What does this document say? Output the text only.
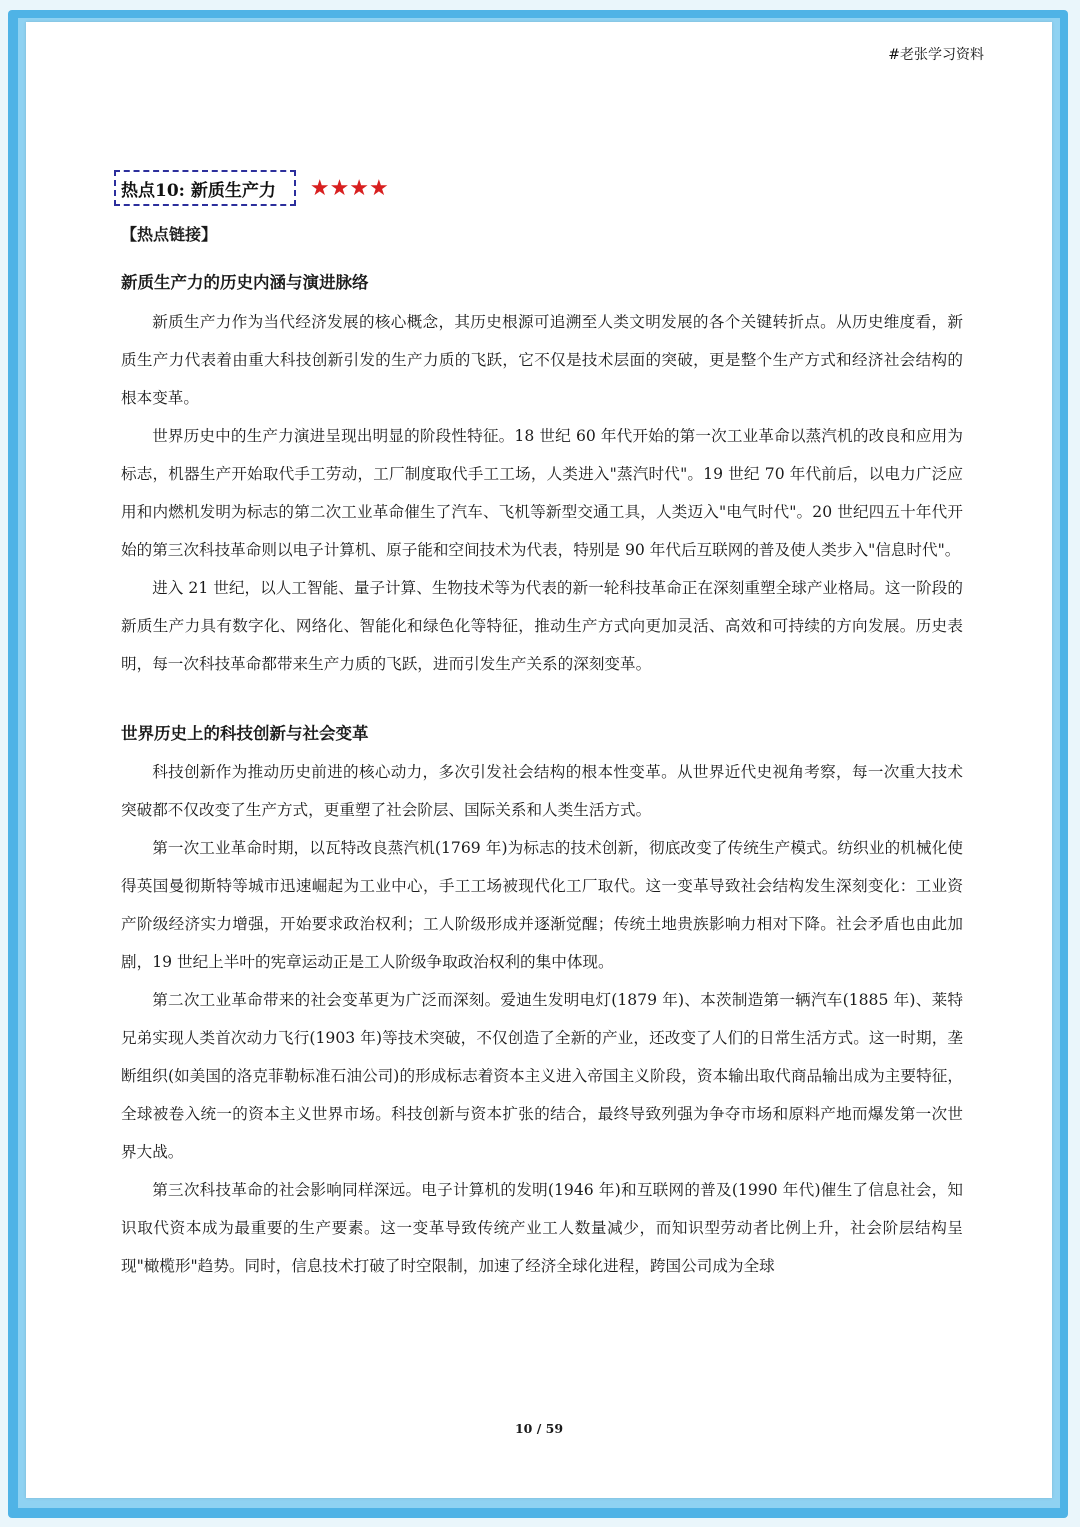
#老张学习资料
热点10: 新质生产力	★★★★
【热点链接】
新质生产力的历史内涵与演进脉络

新质生产力作为当代经济发展的核心概念，其历史根源可追溯至人类文明发展的各个关键转折点。从历史维度看，新质生产力代表着由重大科技创新引发的生产力质的飞跃，它不仅是技术层面的突破，更是整个生产方式和经济社会结构的根本变革。

世界历史中的生产力演进呈现出明显的阶段性特征。18 世纪 60 年代开始的第一次工业革命以蒸汽机的改良和应用为标志，机器生产开始取代手工劳动，工厂制度取代手工工场，人类进入"蒸汽时代"。19 世纪 70 年代前后，以电力广泛应用和内燃机发明为标志的第二次工业革命催生了汽车、飞机等新型交通工具，人类迈入"电气时代"。20 世纪四五十年代开始的第三次科技革命则以电子计算机、原子能和空间技术为代表，特别是 90 年代后互联网的普及使人类步入"信息时代"。

进入 21 世纪，以人工智能、量子计算、生物技术等为代表的新一轮科技革命正在深刻重塑全球产业格局。这一阶段的新质生产力具有数字化、网络化、智能化和绿色化等特征，推动生产方式向更加灵活、高效和可持续的方向发展。历史表明，每一次科技革命都带来生产力质的飞跃，进而引发生产关系的深刻变革。

世界历史上的科技创新与社会变革

科技创新作为推动历史前进的核心动力，多次引发社会结构的根本性变革。从世界近代史视角考察，每一次重大技术突破都不仅改变了生产方式，更重塑了社会阶层、国际关系和人类生活方式。

第一次工业革命时期，以瓦特改良蒸汽机(1769 年)为标志的技术创新，彻底改变了传统生产模式。纺织业的机械化使得英国曼彻斯特等城市迅速崛起为工业中心，手工工场被现代化工厂取代。这一变革导致社会结构发生深刻变化：工业资产阶级经济实力增强，开始要求政治权利；工人阶级形成并逐渐觉醒；传统土地贵族影响力相对下降。社会矛盾也由此加剧，19 世纪上半叶的宪章运动正是工人阶级争取政治权利的集中体现。

第二次工业革命带来的社会变革更为广泛而深刻。爱迪生发明电灯(1879 年)、本茨制造第一辆汽车(1885 年)、莱特兄弟实现人类首次动力飞行(1903 年)等技术突破，不仅创造了全新的产业，还改变了人们的日常生活方式。这一时期，垄断组织(如美国的洛克菲勒标准石油公司)的形成标志着资本主义进入帝国主义阶段，资本输出取代商品输出成为主要特征，全球被卷入统一的资本主义世界市场。科技创新与资本扩张的结合，最终导致列强为争夺市场和原料产地而爆发第一次世界大战。

第三次科技革命的社会影响同样深远。电子计算机的发明(1946 年)和互联网的普及(1990 年代)催生了信息社会，知识取代资本成为最重要的生产要素。这一变革导致传统产业工人数量减少，而知识型劳动者比例上升，社会阶层结构呈现"橄榄形"趋势。同时，信息技术打破了时空限制，加速了经济全球化进程，跨国公司成为全球

10 / 59
